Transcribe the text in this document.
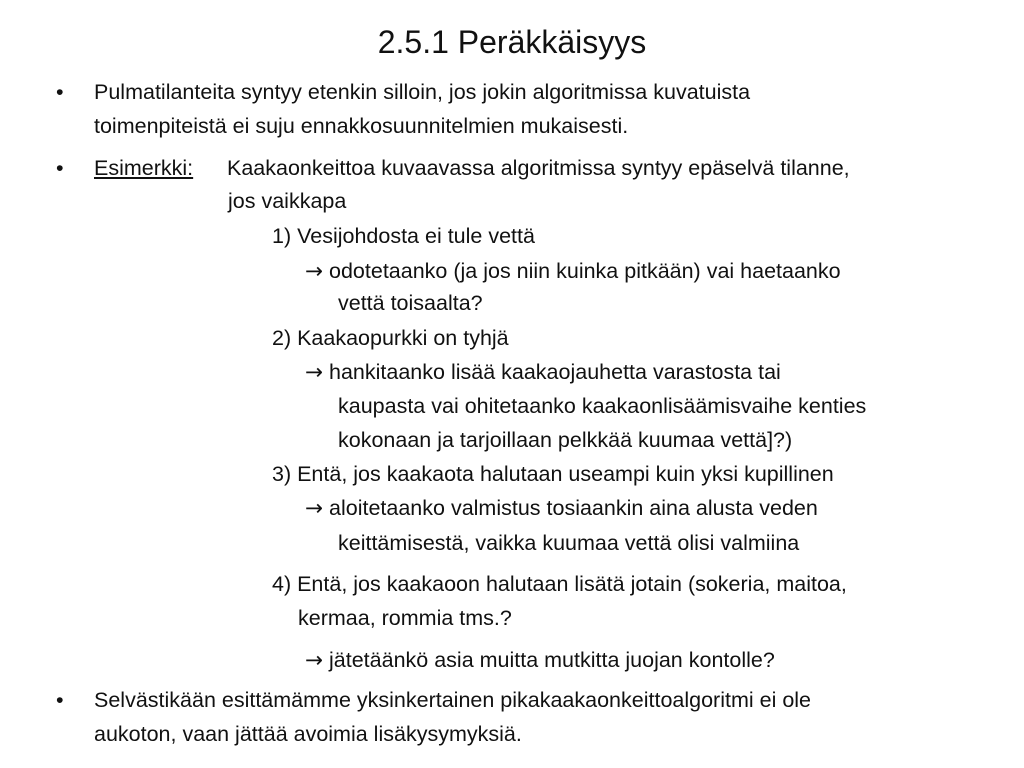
2.5.1 Peräkkäisyys
• Pulmatilanteita syntyy etenkin silloin, jos jokin algoritmissa kuvatuista
toimenpiteistä ei suju ennakkosuunnitelmien mukaisesti.
• Esimerkki: Kaakaonkeittoa kuvaavassa algoritmissa syntyy epäselvä tilanne,
jos vaikkapa
1) Vesijohdosta ei tule vettä
→ odotetaanko (ja jos niin kuinka pitkään) vai haetaanko
vettä toisaalta?
2) Kaakaopurkki on tyhjä
→ hankitaanko lisää kaakaojauhetta varastosta tai
kaupasta vai ohitetaanko kaakaonlisäämisvaihe kenties
kokonaan ja tarjoillaan pelkkää kuumaa vettä]?)
3) Entä, jos kaakaota halutaan useampi kuin yksi kupillinen
→ aloitetaanko valmistus tosiaankin aina alusta veden
keittämisestä, vaikka kuumaa vettä olisi valmiina
4) Entä, jos kaakaoon halutaan lisätä jotain (sokeria, maitoa,
kermaa, rommia tms.?
→ jätetäänkö asia muitta mutkitta juojan kontolle?
• Selvästikään esittämämme yksinkertainen pikakaakaonkeittoalgoritmi ei ole
aukoton, vaan jättää avoimia lisäkysymyksiä.
